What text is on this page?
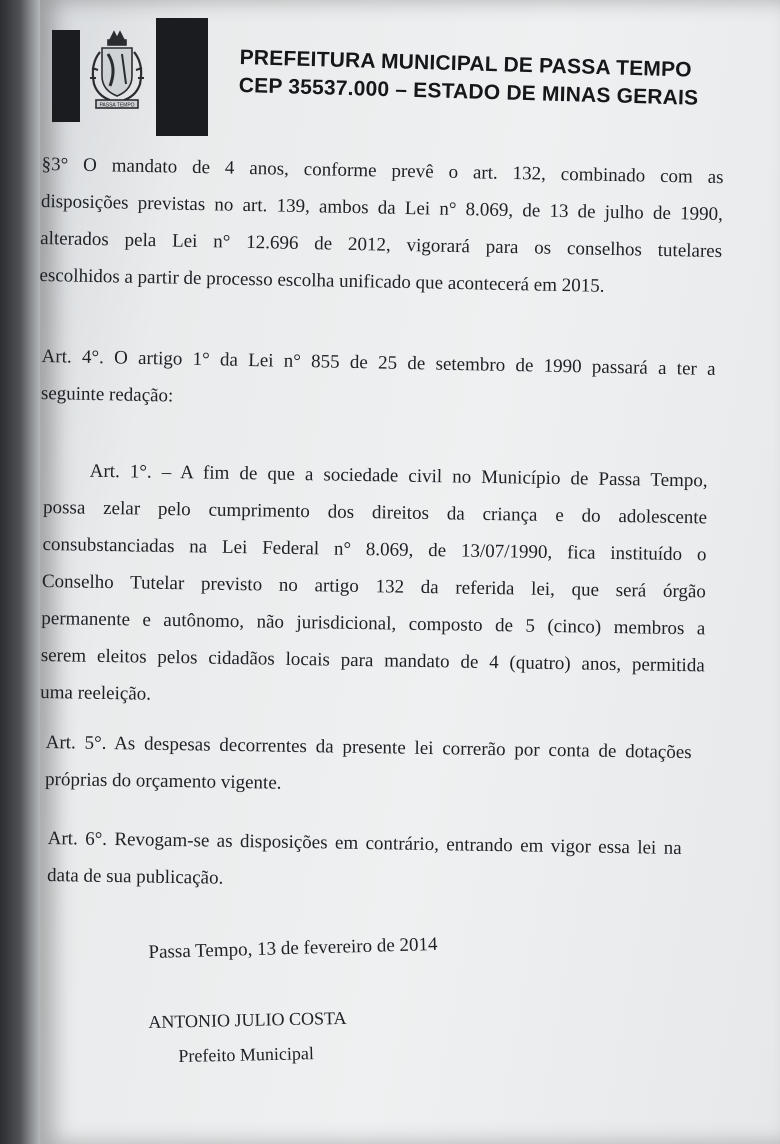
PASSA TEMPO
PREFEITURA MUNICIPAL DE PASSA TEMPO
CEP 35537.000 – ESTADO DE MINAS GERAIS
§3° O mandato de 4 anos, conforme prevê o art. 132, combinado com as
disposições previstas no art. 139, ambos da Lei n° 8.069, de 13 de julho de 1990,
alterados pela Lei n° 12.696 de 2012, vigorará para os conselhos tutelares
escolhidos a partir de processo escolha unificado que acontecerá em 2015.
Art. 4°. O artigo 1° da Lei n° 855 de 25 de setembro de 1990 passará a ter a
seguinte redação:
Art. 1°. – A fim de que a sociedade civil no Município de Passa Tempo,
possa zelar pelo cumprimento dos direitos da criança e do adolescente
consubstanciadas na Lei Federal n° 8.069, de 13/07/1990, fica instituído o
Conselho Tutelar previsto no artigo 132 da referida lei, que será órgão
permanente e autônomo, não jurisdicional, composto de 5 (cinco) membros a
serem eleitos pelos cidadãos locais para mandato de 4 (quatro) anos, permitida
uma reeleição.
Art. 5°. As despesas decorrentes da presente lei correrão por conta de dotações
próprias do orçamento vigente.
Art. 6°. Revogam-se as disposições em contrário, entrando em vigor essa lei na
data de sua publicação.
Passa Tempo, 13 de fevereiro de 2014
ANTONIO JULIO COSTA
Prefeito Municipal
